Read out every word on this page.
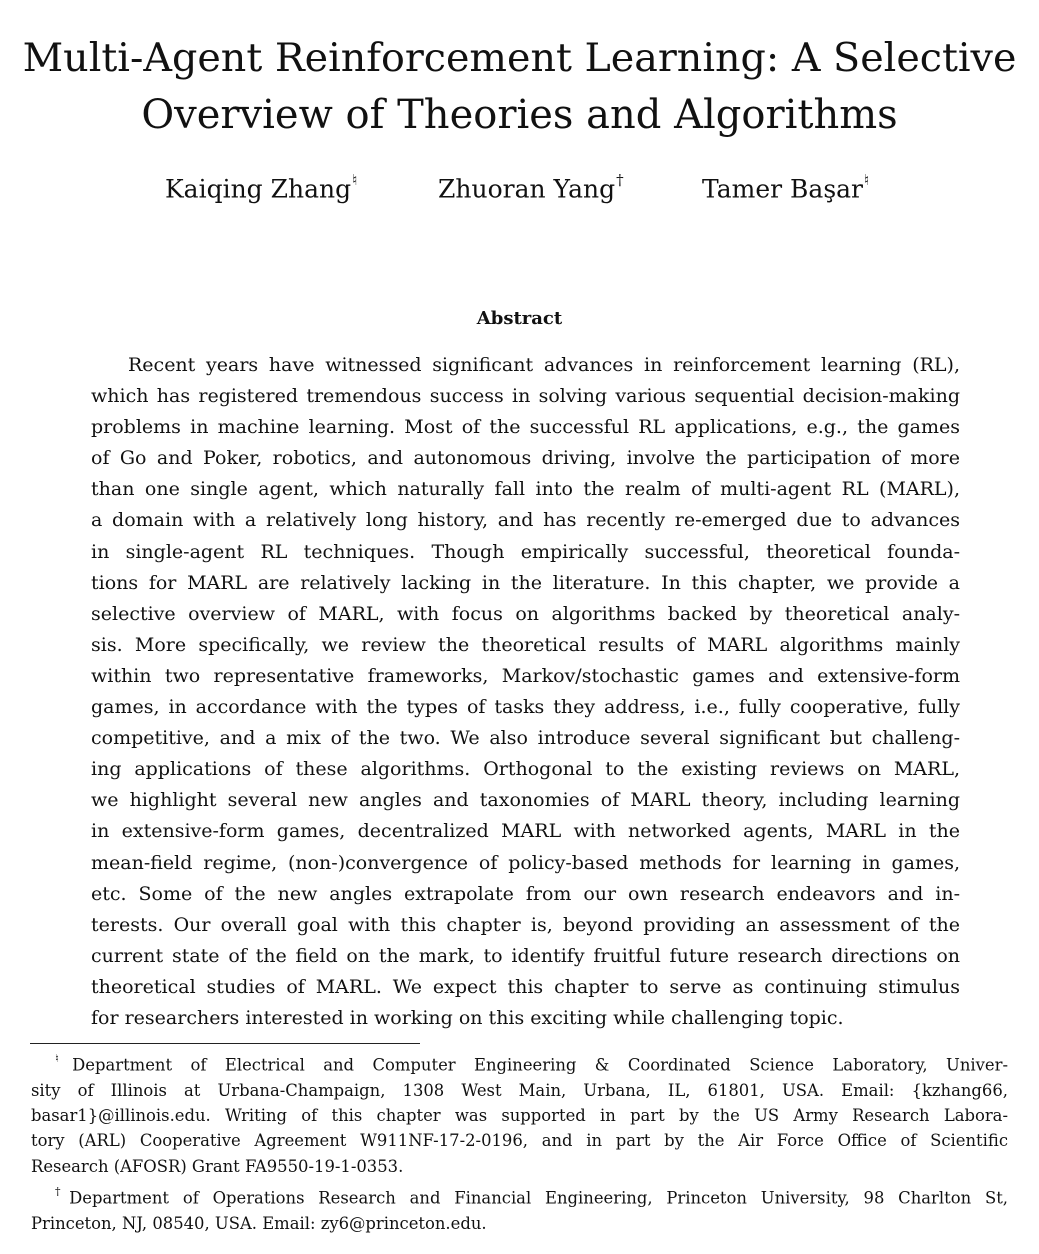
Multi-Agent Reinforcement Learning: A Selective
Overview of Theories and Algorithms
Kaiqing Zhang♮	Zhuoran Yang†	Tamer Başar♮
Abstract
Recent years have witnessed significant advances in reinforcement learning (RL),
which has registered tremendous success in solving various sequential decision-making
problems in machine learning. Most of the successful RL applications, e.g., the games
of Go and Poker, robotics, and autonomous driving, involve the participation of more
than one single agent, which naturally fall into the realm of multi-agent RL (MARL),
a domain with a relatively long history, and has recently re-emerged due to advances
in single-agent RL techniques. Though empirically successful, theoretical founda-
tions for MARL are relatively lacking in the literature. In this chapter, we provide a
selective overview of MARL, with focus on algorithms backed by theoretical analy-
sis. More specifically, we review the theoretical results of MARL algorithms mainly
within two representative frameworks, Markov/stochastic games and extensive-form
games, in accordance with the types of tasks they address, i.e., fully cooperative, fully
competitive, and a mix of the two. We also introduce several significant but challeng-
ing applications of these algorithms. Orthogonal to the existing reviews on MARL,
we highlight several new angles and taxonomies of MARL theory, including learning
in extensive-form games, decentralized MARL with networked agents, MARL in the
mean-field regime, (non-)convergence of policy-based methods for learning in games,
etc. Some of the new angles extrapolate from our own research endeavors and in-
terests. Our overall goal with this chapter is, beyond providing an assessment of the
current state of the field on the mark, to identify fruitful future research directions on
theoretical studies of MARL. We expect this chapter to serve as continuing stimulus
for researchers interested in working on this exciting while challenging topic.
♮Department of Electrical and Computer Engineering & Coordinated Science Laboratory, Univer-
sity of Illinois at Urbana-Champaign, 1308 West Main, Urbana, IL, 61801, USA. Email: {kzhang66,
basar1}@illinois.edu. Writing of this chapter was supported in part by the US Army Research Labora-
tory (ARL) Cooperative Agreement W911NF-17-2-0196, and in part by the Air Force Office of Scientific
Research (AFOSR) Grant FA9550-19-1-0353.
†Department of Operations Research and Financial Engineering, Princeton University, 98 Charlton St,
Princeton, NJ, 08540, USA. Email: zy6@princeton.edu.
